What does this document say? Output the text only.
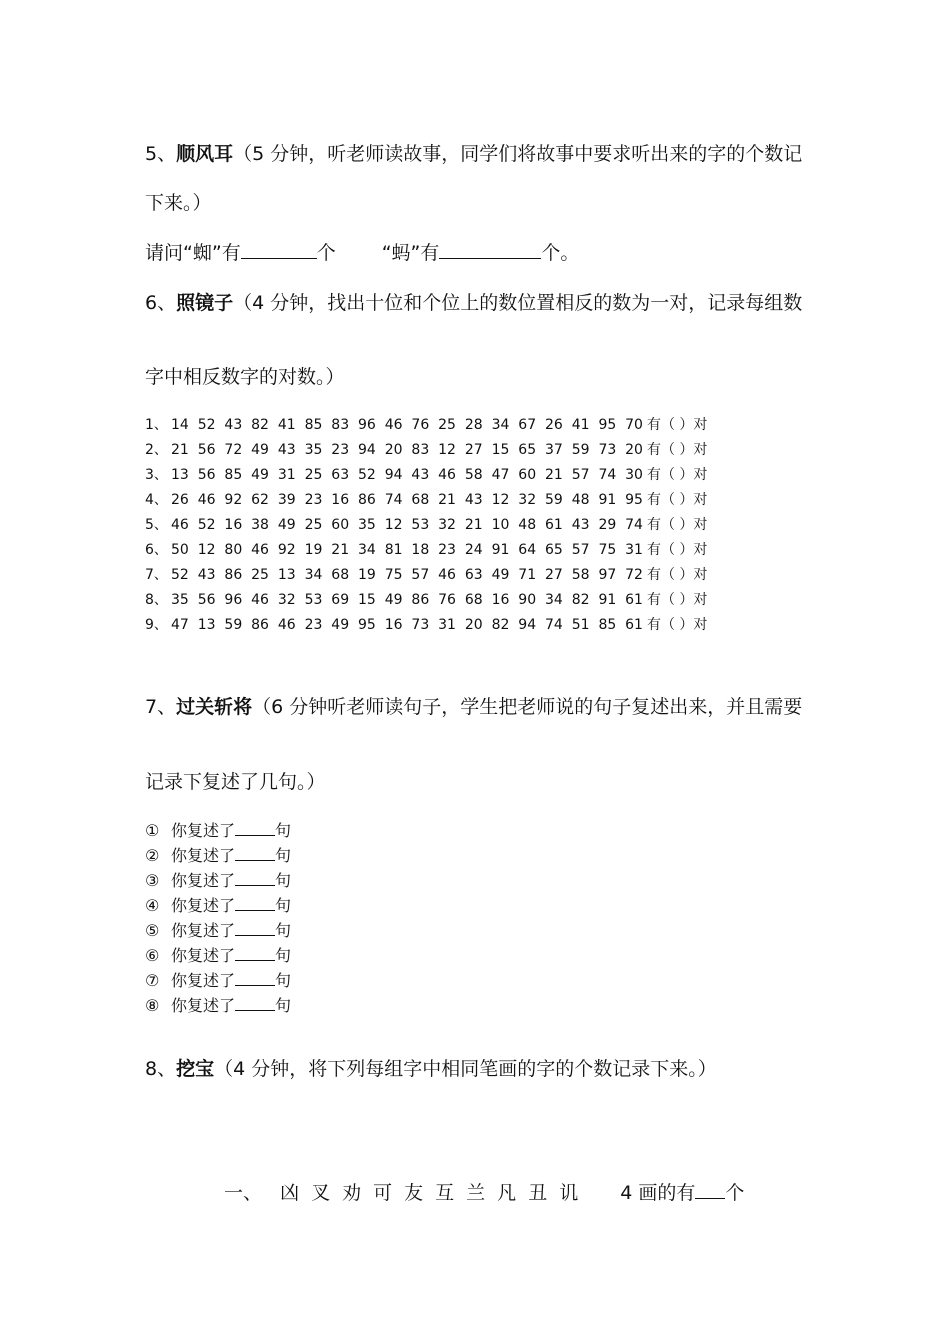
5、顺风耳（5 分钟，听老师读故事，同学们将故事中要求听出来的字的个数记
下来。）
请问“蜘”有	个 “蚂”有	个。
6、照镜子（4 分钟，找出十位和个位上的数位置相反的数为一对，记录每组数
字中相反数字的对数。）
1、 14  52  43  82  41  85  83  96  46  76  25  28  34  67  26  41  95  70 有（ ）对
2、 21  56  72  49  43  35  23  94  20  83  12  27  15  65  37  59  73  20 有（ ）对
3、 13  56  85  49  31  25  63  52  94  43  46  58  47  60  21  57  74  30 有（ ）对
4、 26  46  92  62  39  23  16  86  74  68  21  43  12  32  59  48  91  95 有（ ）对
5、 46  52  16  38  49  25  60  35  12  53  32  21  10  48  61  43  29  74 有（ ）对
6、 50  12  80  46  92  19  21  34  81  18  23  24  91  64  65  57  75  31 有（ ）对
7、 52  43  86  25  13  34  68  19  75  57  46  63  49  71  27  58  97  72 有（ ）对
8、 35  56  96  46  32  53  69  15  49  86  76  68  16  90  34  82  91  61 有（ ）对
9、 47  13  59  86  46  23  49  95  16  73  31  20  82  94  74  51  85  61 有（ ）对
7、过关斩将（6 分钟听老师读句子，学生把老师说的句子复述出来，并且需要
记录下复述了几句。）
① 你复述了	句
② 你复述了	句
③ 你复述了	句
④ 你复述了	句
⑤ 你复述了	句
⑥ 你复述了	句
⑦ 你复述了	句
⑧ 你复述了	句
8、挖宝（4 分钟，将下列每组字中相同笔画的字的个数记录下来。）
一、 凶 叉 劝 可 友 互 兰 凡 丑 讥 4 画的有 个
